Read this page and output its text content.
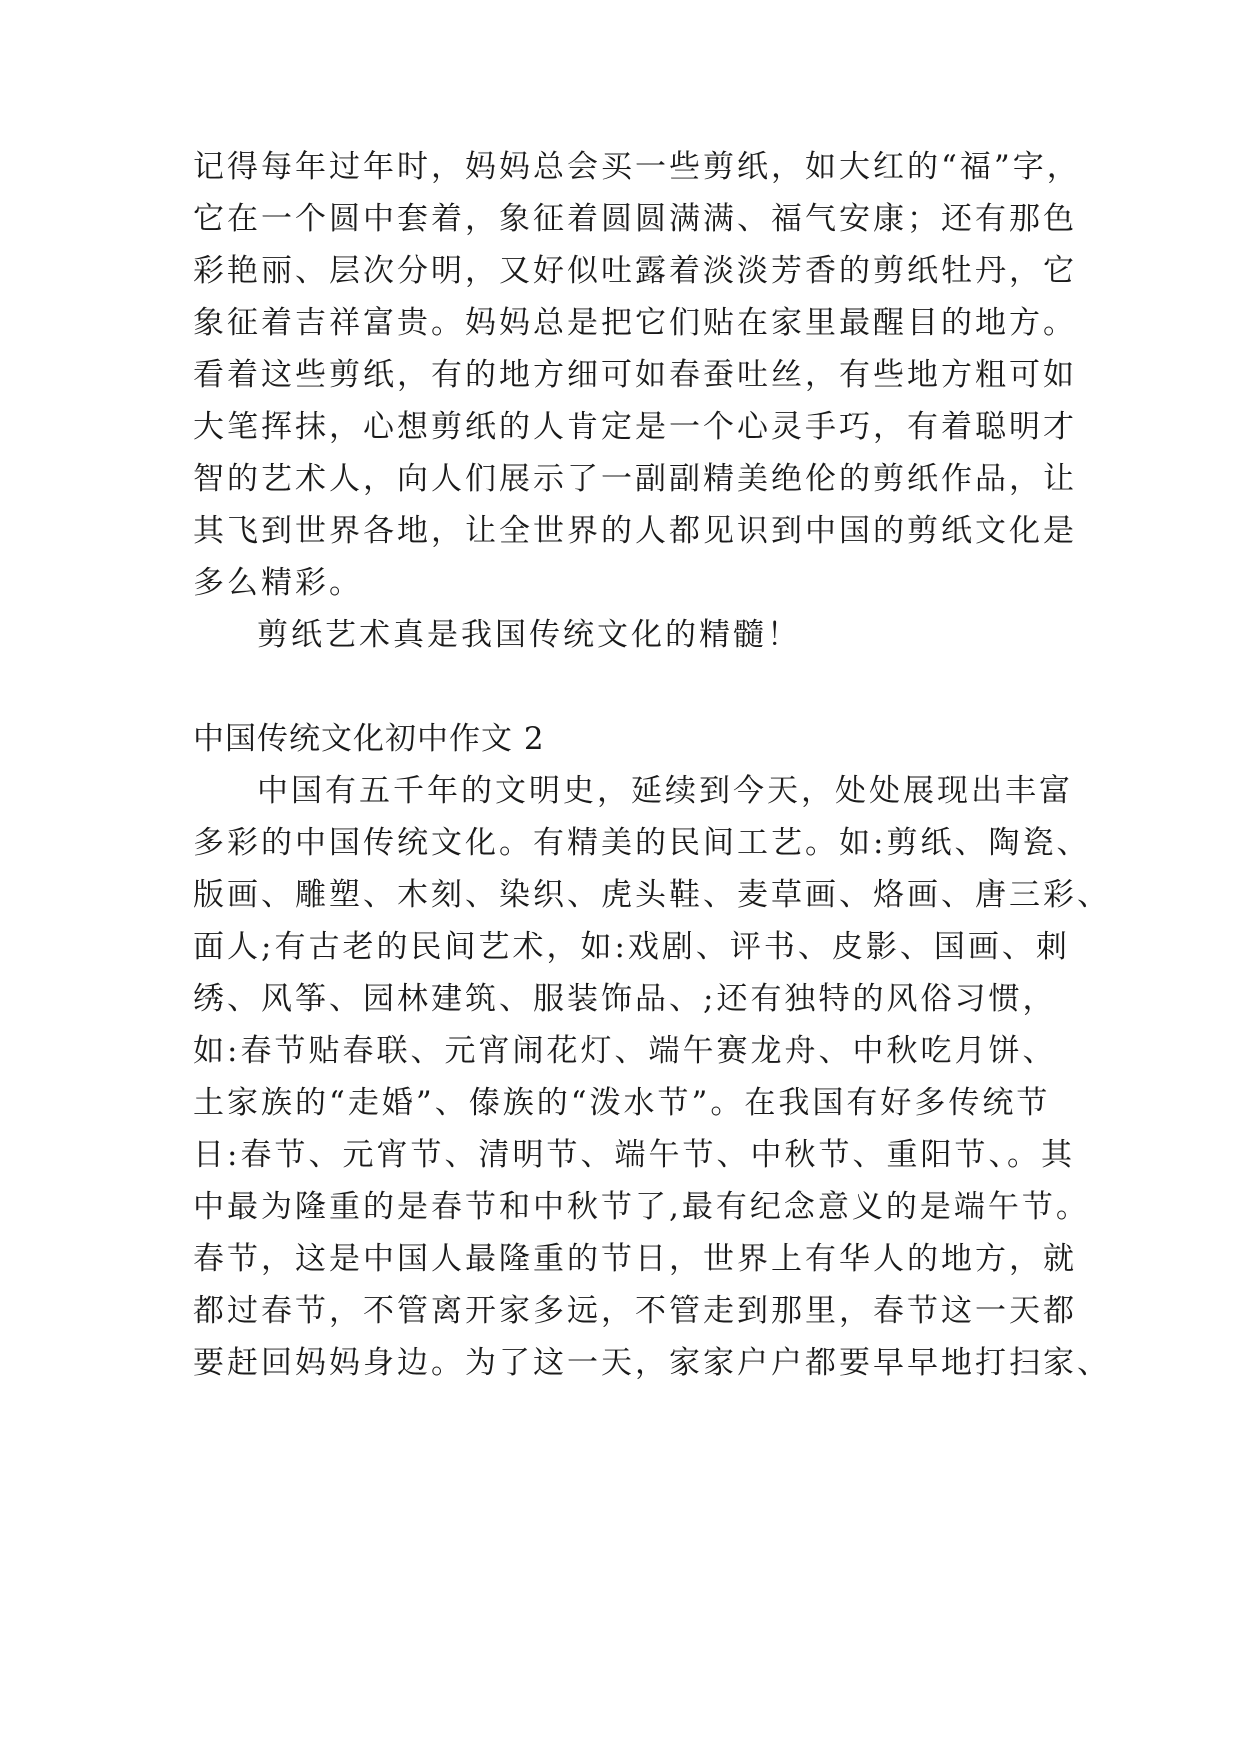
记得每年过年时，妈妈总会买一些剪纸，如大红的“福”字，
它在一个圆中套着，象征着圆圆满满、福气安康；还有那色
彩艳丽、层次分明，又好似吐露着淡淡芳香的剪纸牡丹，它
象征着吉祥富贵。妈妈总是把它们贴在家里最醒目的地方。
看着这些剪纸，有的地方细可如春蚕吐丝，有些地方粗可如
大笔挥抹，心想剪纸的人肯定是一个心灵手巧，有着聪明才
智的艺术人，向人们展示了一副副精美绝伦的剪纸作品，让
其飞到世界各地，让全世界的人都见识到中国的剪纸文化是
多么精彩。
剪纸艺术真是我国传统文化的精髓！
中国传统文化初中作文 2
中国有五千年的文明史，延续到今天，处处展现出丰富
多彩的中国传统文化。有精美的民间工艺。如:剪纸、陶瓷、
版画、雕塑、木刻、染织、虎头鞋、麦草画、烙画、唐三彩、
面人;有古老的民间艺术，如:戏剧、评书、皮影、国画、刺
绣、风筝、园林建筑、服装饰品、;还有独特的风俗习惯，
如:春节贴春联、元宵闹花灯、端午赛龙舟、中秋吃月饼、
土家族的“走婚”、傣族的“泼水节”。在我国有好多传统节
日:春节、元宵节、清明节、端午节、中秋节、重阳节、。其
中最为隆重的是春节和中秋节了,最有纪念意义的是端午节。
春节，这是中国人最隆重的节日，世界上有华人的地方，就
都过春节，不管离开家多远，不管走到那里，春节这一天都
要赶回妈妈身边。为了这一天，家家户户都要早早地打扫家、
